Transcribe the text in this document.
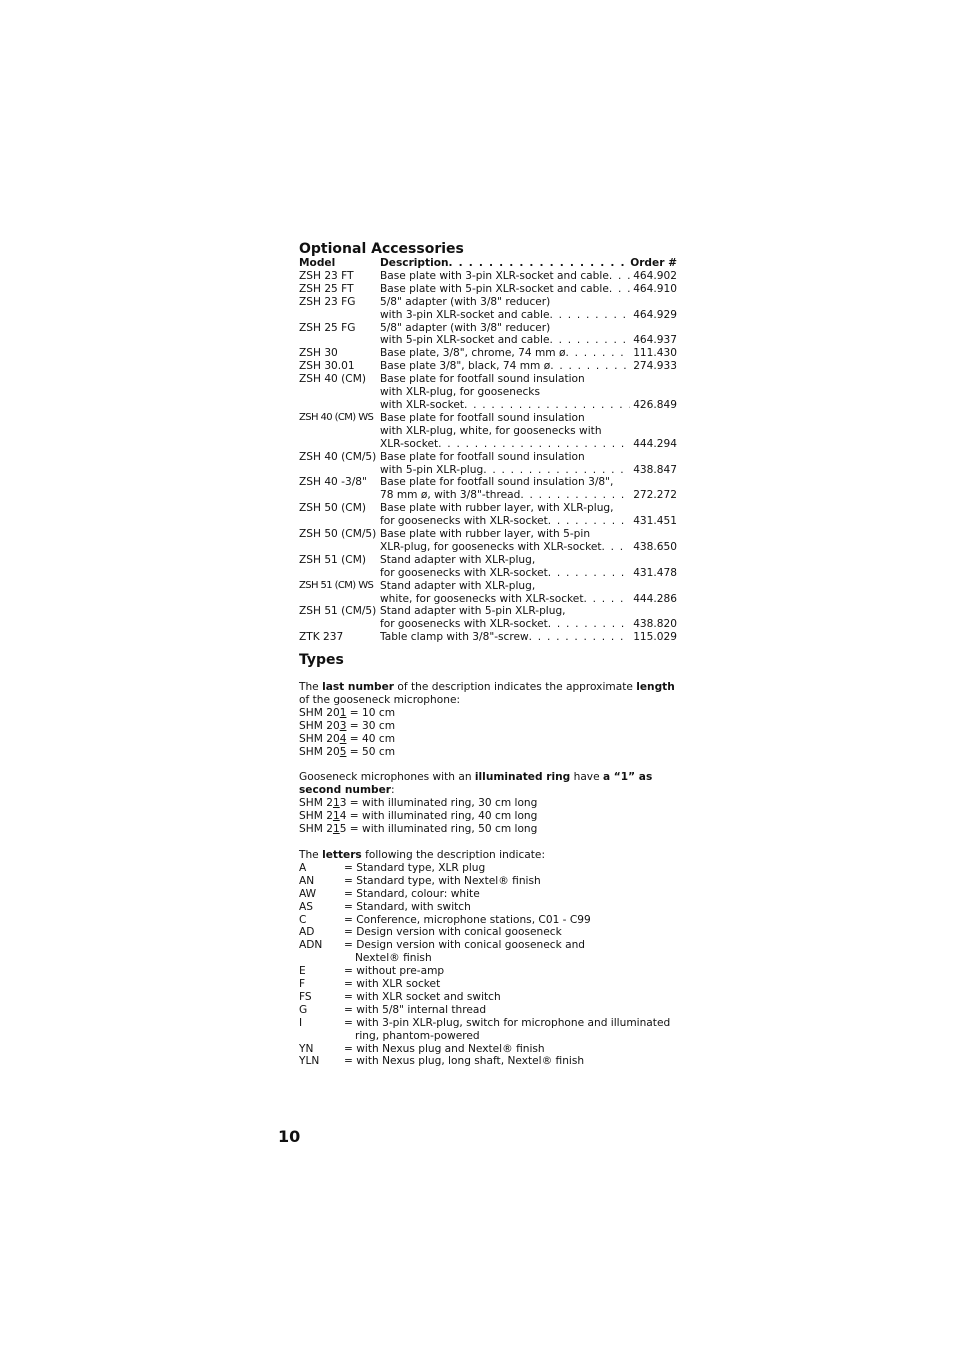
Optional Accessories
Model	Description . . .	Order #
ZSH 23 FT	Base plate with 3-pin XLR-socket and cable . . . 464.902
ZSH 25 FT	Base plate with 5-pin XLR-socket and cable . . . 464.910
ZSH 23 FG	5/8" adapter (with 3/8" reducer)
with 3-pin XLR-socket and cable . . .	464.929
ZSH 25 FG	5/8" adapter (with 3/8" reducer)
with 5-pin XLR-socket and cable . . .	464.937
ZSH 30	Base plate, 3/8", chrome, 74 mm ø . . .	111.430
ZSH 30.01	Base plate 3/8", black, 74 mm ø . . .	274.933
ZSH 40 (CM)	Base plate for footfall sound insulation
with XLR-plug, for goosenecks
with XLR-socket . . .	426.849
ZSH 40 (CM) WS Base plate for footfall sound insulation
with XLR-plug, white, for goosenecks with
XLR-socket . . .	444.294
ZSH 40 (CM/5) Base plate for footfall sound insulation
with 5-pin XLR-plug . . .	438.847
ZSH 40 -3/8"	Base plate for footfall sound insulation 3/8",
78 mm ø, with 3/8"-thread . . .	272.272
ZSH 50 (CM)	Base plate with rubber layer, with XLR-plug,
for goosenecks with XLR-socket . . .	431.451
ZSH 50 (CM/5) Base plate with rubber layer, with 5-pin
XLR-plug, for goosenecks with XLR-socket . . .	438.650
ZSH 51 (CM)	Stand adapter with XLR-plug,
for goosenecks with XLR-socket . . .	431.478
ZSH 51 (CM) WS Stand adapter with XLR-plug,
white, for goosenecks with XLR-socket . . .	444.286
ZSH 51 (CM/5) Stand adapter with 5-pin XLR-plug,
for goosenecks with XLR-socket . . .	438.820
ZTK 237	Table clamp with 3/8"-screw . . .	115.029
Types

The last number of the description indicates the approximate length of the gooseneck microphone:

SHM 201 = 10 cm
SHM 203 = 30 cm
SHM 204 = 40 cm
SHM 205 = 50 cm

Gooseneck microphones with an illuminated ring have a “1” as second number:

SHM 213 = with illuminated ring, 30 cm long
SHM 214 = with illuminated ring, 40 cm long
SHM 215 = with illuminated ring, 50 cm long

The letters following the description indicate:

A	= Standard type, XLR plug
AN	= Standard type, with Nextel® finish
AW	= Standard, colour: white
AS	= Standard, with switch
C	= Conference, microphone stations, C01 - C99
AD	= Design version with conical gooseneck
ADN	= Design version with conical gooseneck and

Nextel® finish
E	= without pre-amp
F	= with XLR socket
FS	= with XLR socket and switch
G	= with 5/8" internal thread
I	= with 3-pin XLR-plug, switch for microphone and illuminated

ring, phantom-powered
YN	= with Nexus plug and Nextel® finish
YLN	= with Nexus plug, long shaft, Nextel® finish
10
